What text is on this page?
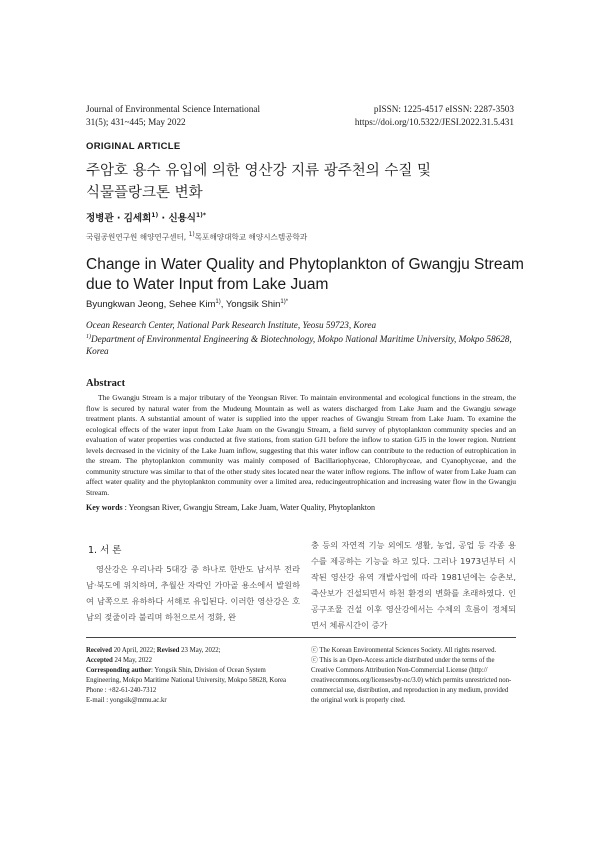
Journal of Environmental Science International
31(5); 431~445; May 2022
pISSN: 1225-4517 eISSN: 2287-3503
https://doi.org/10.5322/JESI.2022.31.5.431
ORIGINAL ARTICLE
주암호 용수 유입에 의한 영산강 지류 광주천의 수질 및
식물플랑크톤 변화
정병관 · 김세희$^{1)}$ · 신용식$^{1)*}$
국립공원연구원 해양연구센터, $^{1)}$목포해양대학교 해양시스템공학과
Change in Water Quality and Phytoplankton of Gwangju Stream
due to Water Input from Lake Juam
Byungkwan Jeong, Sehee Kim$^{1)}$, Yongsik Shin$^{1)*}$
Ocean Research Center, National Park Research Institute, Yeosu 59723, Korea
$^{1)}$Department of Environmental Engineering & Biotechnology, Mokpo National Maritime University, Mokpo 58628, Korea
Abstract
The Gwangju Stream is a major tributary of the Yeongsan River. To maintain environmental and ecological functions in the stream, the flow is secured by natural water from the Mudeung Mountain as well as waters discharged from Lake Juam and the Gwangju sewage treatment plants. A substantial amount of water is supplied into the upper reaches of Gwangju Stream from Lake Juam. To examine the ecological effects of the water input from Lake Juam on the Gwangju Stream, a field survey of phytoplankton community species and an evaluation of water properties was conducted at five stations, from station GJ1 before the inflow to station GJ5 in the lower region. Nutrient levels decreased in the vicinity of the Lake Juam inflow, suggesting that this water inflow can contribute to the reduction of eutrophication in the stream. The phytoplankton community was mainly composed of Bacillariophyceae, Chlorophyceae, and Cyanophyceae, and the community structure was similar to that of the other study sites located near the water inflow regions. The inflow of water from Lake Juam can affect water quality and the phytoplankton community over a limited area, reducingeutrophication and increasing water flow in the Gwangju Stream.
Key words : Yeongsan River, Gwangju Stream, Lake Juam, Water Quality, Phytoplankton
1. 서 론
영산강은 우리나라 5대강 중 하나로 한반도 남서부 전라남·북도에 위치하며, 추월산 자락인 가마골 용소에서 발원하여 남쪽으로 유하하다 서해로 유입된다. 이러한 영산강은 호남의 젖줄이라 불리며 하천으로서 정화, 완
충 등의 자연적 기능 외에도 생활, 농업, 공업 등 각종 용수를 제공하는 기능을 하고 있다. 그러나 1973년부터 시작된 영산강 유역 개발사업에 따라 1981년에는 승촌보, 죽산보가 건설되면서 하천 환경의 변화를 초래하였다. 인공구조물 건설 이후 영산강에서는 수체의 흐름이 정체되면서 체류시간이 증가
Received 20 April, 2022; Revised 23 May, 2022;
Accepted 24 May, 2022
Corresponding author: Yongsik Shin, Division of Ocean System Engineering, Mokpo Maritime National University, Mokpo 58628, Korea
Phone : +82-61-240-7312
E-mail : yongsik@mmu.ac.kr
ⓒ The Korean Environmental Sciences Society. All rights reserved.
ⓒ This is an Open-Access article distributed under the terms of the Creative Commons Attribution Non-Commercial License (http:// creativecommons.org/licenses/by-nc/3.0) which permits unrestricted non-commercial use, distribution, and reproduction in any medium, provided the original work is properly cited.
